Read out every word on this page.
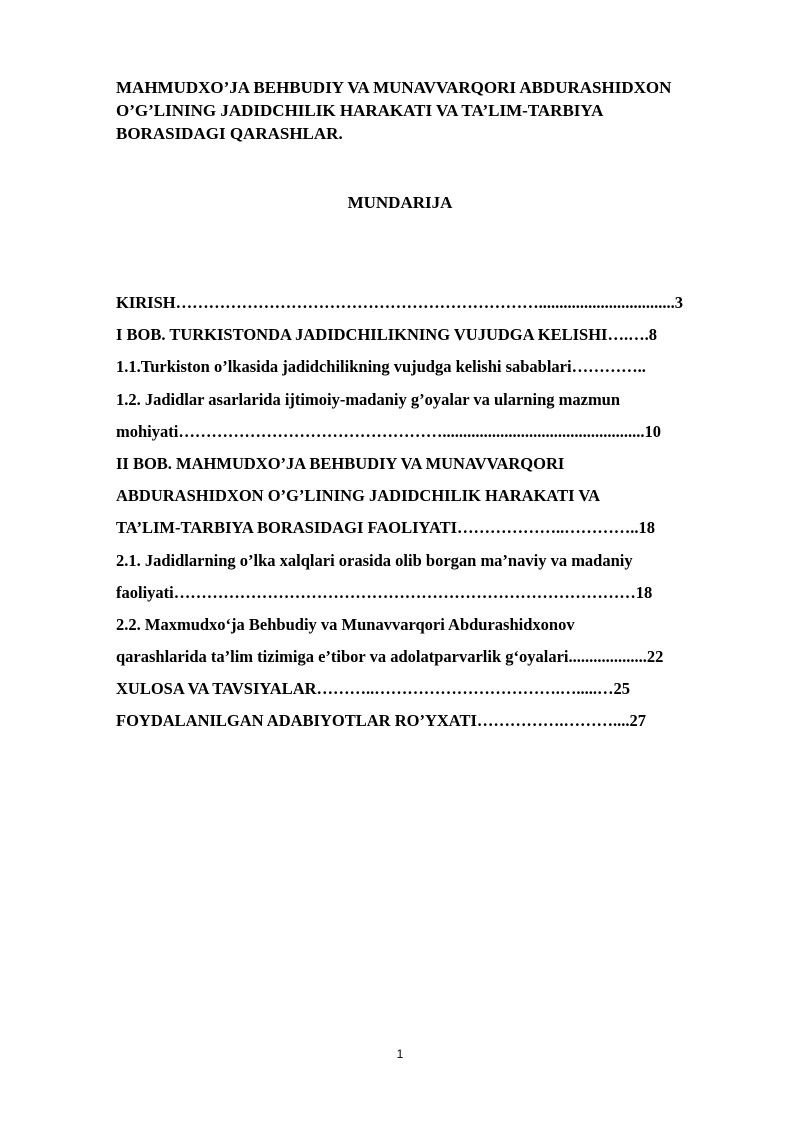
MAHMUDXO’JA BEHBUDIY VA MUNAVVARQORI ABDURASHIDXON
O’G’LINING JADIDCHILIK HARAKATI VA TA’LIM-TARBIYA
BORASIDAGI QARASHLAR.
MUNDARIJA
KIRISH………………………………………………………….................................3
I BOB. TURKISTONDA JADIDCHILIKNING VUJUDGA KELISHI….….8
1.1.Turkiston o’lkasida jadidchilikning vujudga kelishi sabablari…………..
1.2. Jadidlar asarlarida ijtimoiy-madaniy g’oyalar va ularning mazmun
mohiyati………………………………………….................................................10
II BOB. MAHMUDXO’JA BEHBUDIY VA MUNAVVARQORI
ABDURASHIDXON O’G’LINING JADIDCHILIK HARAKATI VA
TA’LIM-TARBIYA BORASIDAGI FAOLIYATI………………..…………..18
2.1. Jadidlarning o’lka xalqlari orasida olib borgan ma’naviy va madaniy
faoliyati…………………………………………………………………………18
2.2. Maxmudxo‘ja Behbudiy va Munavvarqori Abdurashidxonov
qarashlarida ta’lim tizimiga e’tibor va adolatparvarlik g‘oyalari...................22
XULOSA VA TAVSIYALAR………..…………………………….….....…25
FOYDALANILGAN ADABIYOTLAR RO’YXATI…………….………....27
1
